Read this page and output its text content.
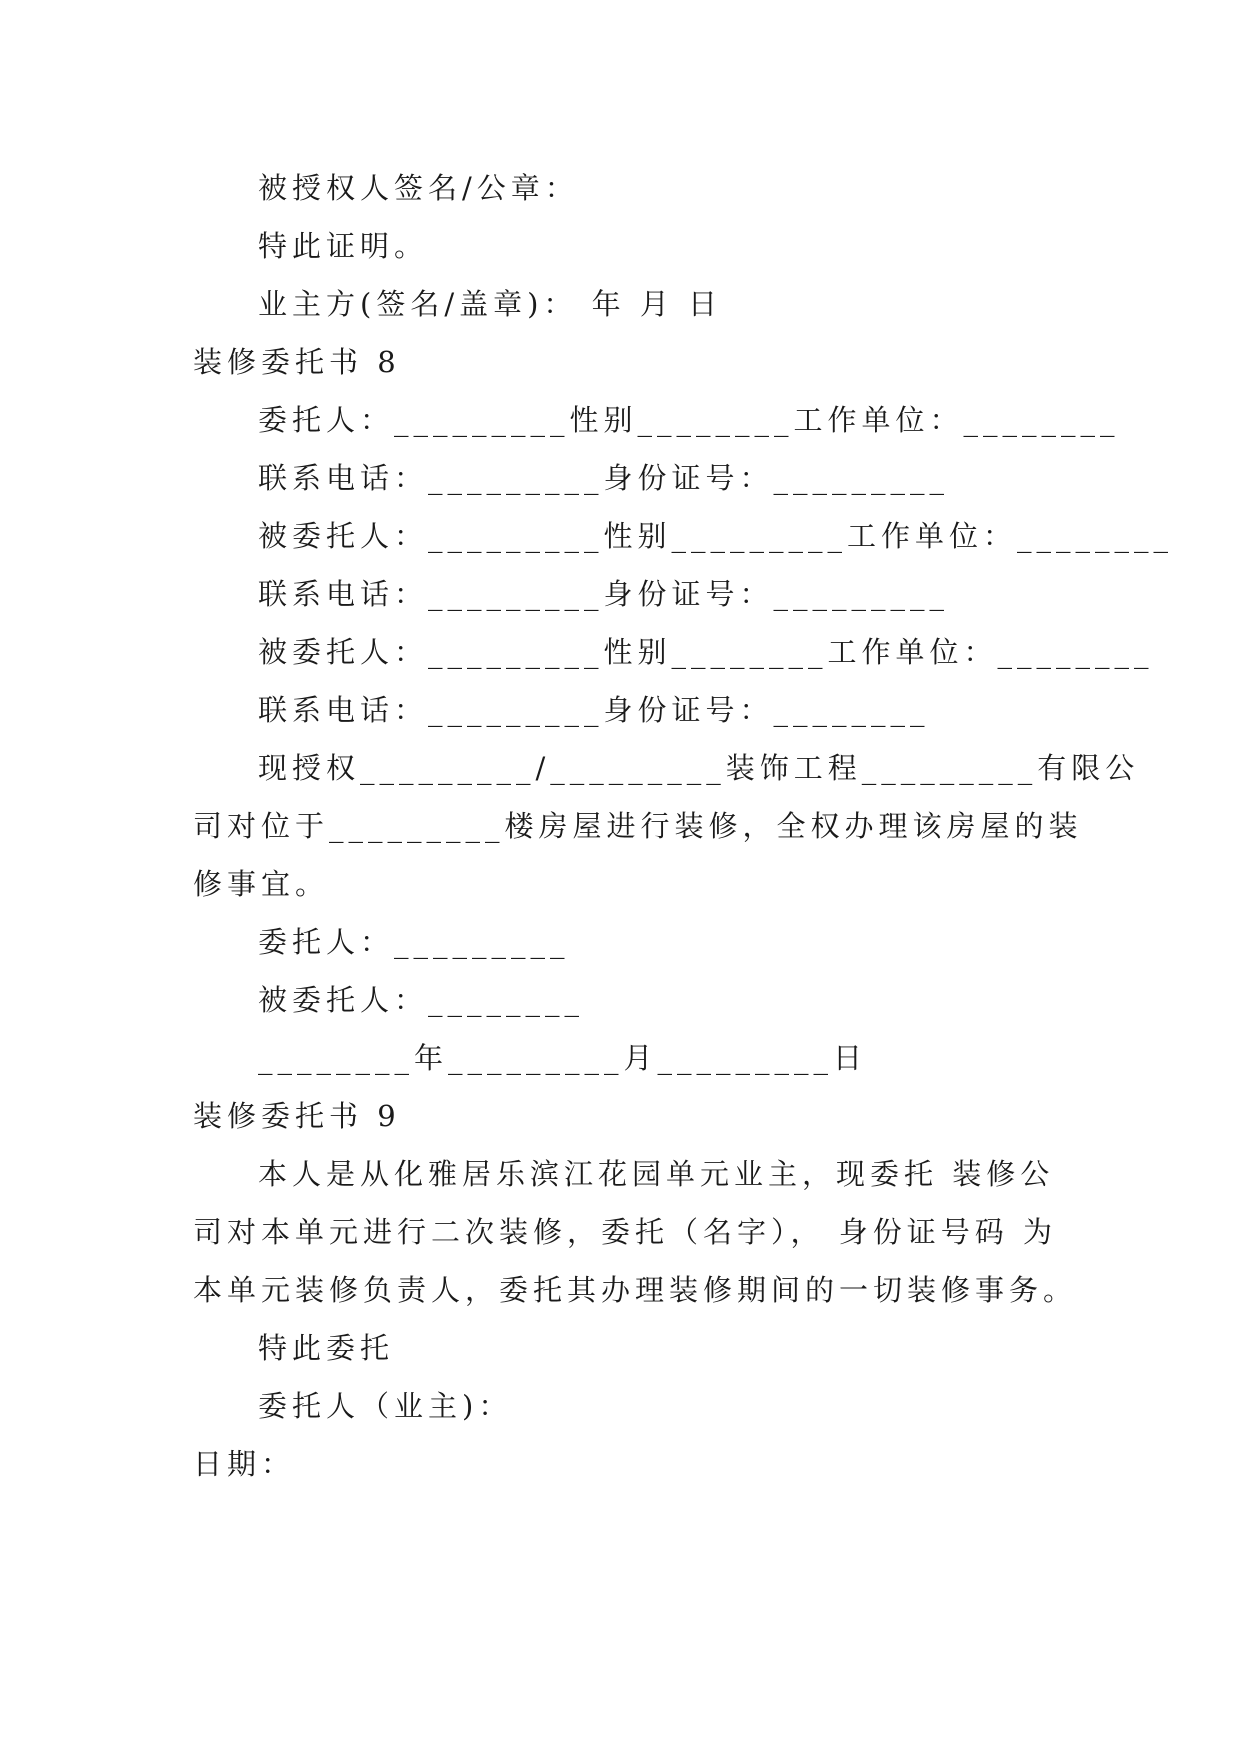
被授权人签名/公章：
特此证明。
业主方(签名/盖章)： 年 月 日
装修委托书 8
委托人：_________性别________工作单位：________
联系电话：_________身份证号：_________
被委托人：_________性别_________工作单位：________
联系电话：_________身份证号：_________
被委托人：_________性别________工作单位：________
联系电话：_________身份证号：________
现授权_________/_________装饰工程_________有限公
司对位于_________楼房屋进行装修，全权办理该房屋的装
修事宜。
委托人：_________
被委托人：________
________年_________月_________日
装修委托书 9
本人是从化雅居乐滨江花园单元业主，现委托 装修公
司对本单元进行二次装修，委托（名字）， 身份证号码 为
本单元装修负责人，委托其办理装修期间的一切装修事务。
特此委托
委托人（业主)：
日期：
